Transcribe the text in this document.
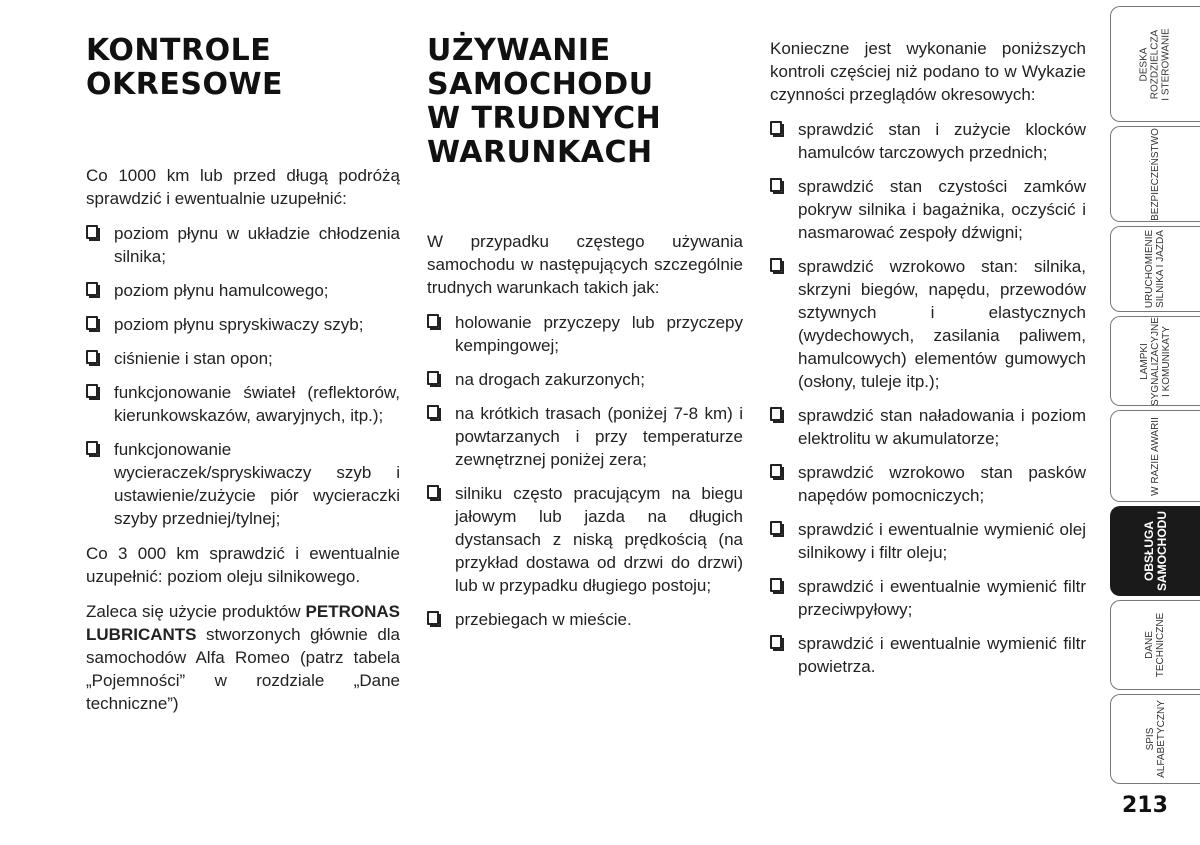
KONTROLE
OKRESOWE

Co 1000 km lub przed długą podróżą sprawdzić i ewentualnie uzupełnić:

poziom płynu w układzie chłodzenia silnika;
poziom płynu hamulcowego;
poziom płynu spryskiwaczy szyb;
ciśnienie i stan opon;
funkcjonowanie świateł (reflektorów, kierunkowskazów, awaryjnych, itp.);
funkcjonowanie wycieraczek/spryskiwaczy szyb i ustawienie/zużycie piór wycieraczki szyby przedniej/tylnej;

Co 3 000 km sprawdzić i ewentualnie uzupełnić: poziom oleju silnikowego.

Zaleca się użycie produktów PETRONAS LUBRICANTS stworzonych głównie dla samochodów Alfa Romeo (patrz tabela „Pojemności” w rozdziale „Dane techniczne”)

UŻYWANIE
SAMOCHODU
W TRUDNYCH
WARUNKACH

W przypadku częstego używania samochodu w następujących szczególnie trudnych warunkach takich jak:

holowanie przyczepy lub przyczepy kempingowej;
na drogach zakurzonych;
na krótkich trasach (poniżej 7-8 km) i powtarzanych i przy temperaturze zewnętrznej poniżej zera;
silniku często pracującym na biegu jałowym lub jazda na długich dystansach z niską prędkością (na przykład dostawa od drzwi do drzwi) lub w przypadku długiego postoju;
przebiegach w mieście.

Konieczne jest wykonanie poniższych kontroli częściej niż podano to w Wykazie czynności przeglądów okresowych:

sprawdzić stan i zużycie klocków hamulców tarczowych przednich;
sprawdzić stan czystości zamków pokryw silnika i bagażnika, oczyścić i nasmarować zespoły dźwigni;
sprawdzić wzrokowo stan: silnika, skrzyni biegów, napędu, przewodów sztywnych i elastycznych (wydechowych, zasilania paliwem, hamulcowych) elementów gumowych (osłony, tuleje itp.);
sprawdzić stan naładowania i poziom elektrolitu w akumulatorze;
sprawdzić wzrokowo stan pasków napędów pomocniczych;
sprawdzić i ewentualnie wymienić olej silnikowy i filtr oleju;
sprawdzić i ewentualnie wymienić filtr przeciwpyłowy;
sprawdzić i ewentualnie wymienić filtr powietrza.
DESKA
ROZDZIELCZA
I STEROWANIE
BEZPIECZEŃSTWO
URUCHOMIENIE
SILNIKA I JAZDA
LAMPKI
SYGNALIZACYJNE
I KOMUNIKATY
W RAZIE AWARII
OBSŁUGA
SAMOCHODU
DANE
TECHNICZNE
SPIS
ALFABETYCZNY
213
